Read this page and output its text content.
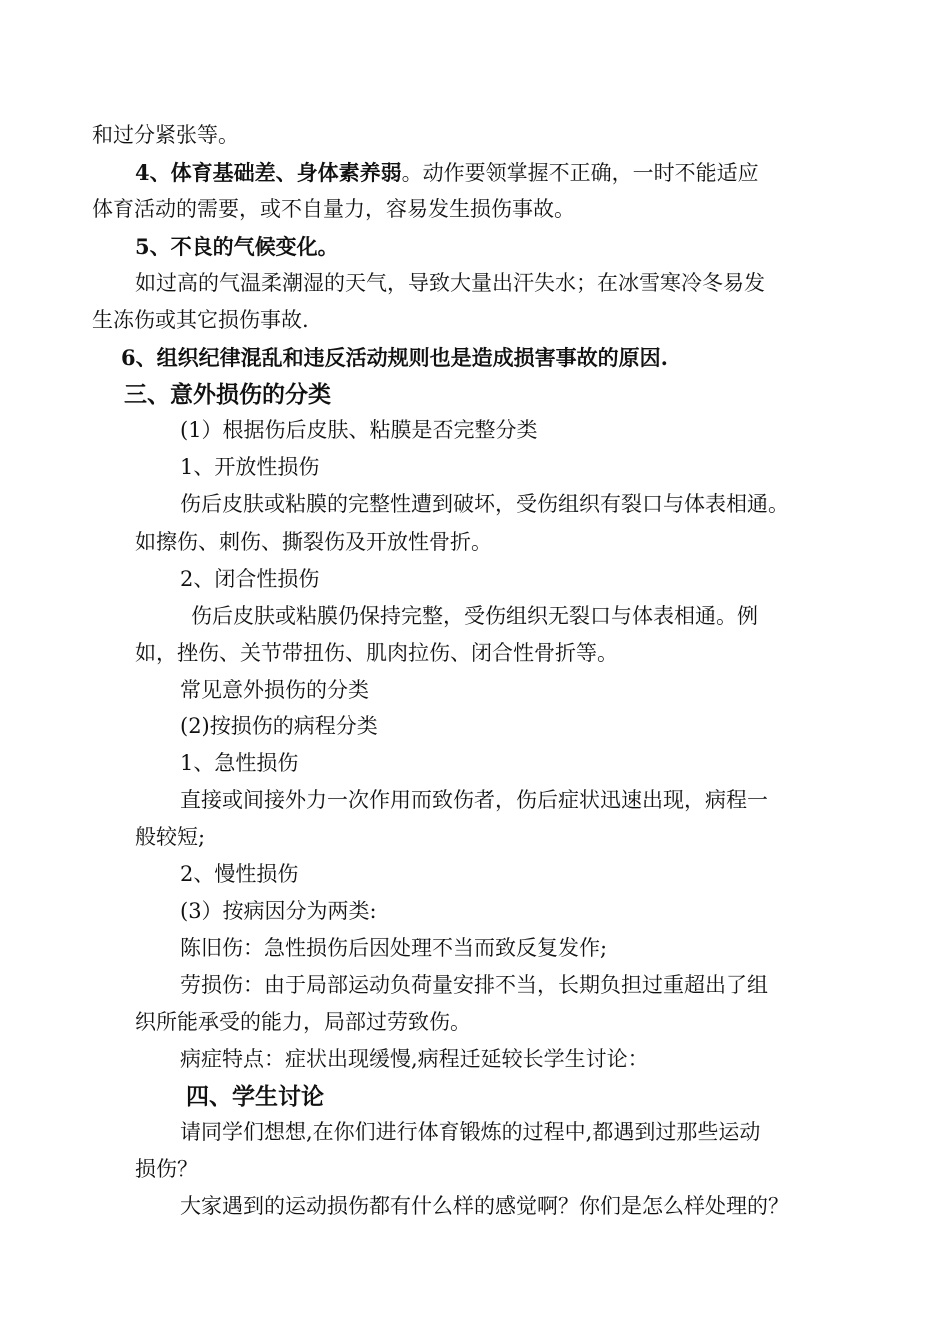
和过分紧张等。
4、体育基础差、身体素养弱。动作要领掌握不正确，一时不能适应
体育活动的需要，或不自量力，容易发生损伤事故。
5、不良的气候变化。
如过高的气温柔潮湿的天气，导致大量出汗失水；在冰雪寒冷冬易发
生冻伤或其它损伤事故.
6、组织纪律混乱和违反活动规则也是造成损害事故的原因.
三、意外损伤的分类
(1）根据伤后皮肤、粘膜是否完整分类
1、开放性损伤
伤后皮肤或粘膜的完整性遭到破坏，受伤组织有裂口与体表相通。
如擦伤、刺伤、撕裂伤及开放性骨折。
2、闭合性损伤
伤后皮肤或粘膜仍保持完整，受伤组织无裂口与体表相通。例
如，挫伤、关节带扭伤、肌肉拉伤、闭合性骨折等。
常见意外损伤的分类
(2)按损伤的病程分类
1、急性损伤
直接或间接外力一次作用而致伤者，伤后症状迅速出现，病程一
般较短;
2、慢性损伤
(3）按病因分为两类:
陈旧伤：急性损伤后因处理不当而致反复发作;
劳损伤：由于局部运动负荷量安排不当，长期负担过重超出了组
织所能承受的能力，局部过劳致伤。
病症特点：症状出现缓慢,病程迁延较长学生讨论：
四、学生讨论
请同学们想想,在你们进行体育锻炼的过程中,都遇到过那些运动
损伤？
大家遇到的运动损伤都有什么样的感觉啊？你们是怎么样处理的？
